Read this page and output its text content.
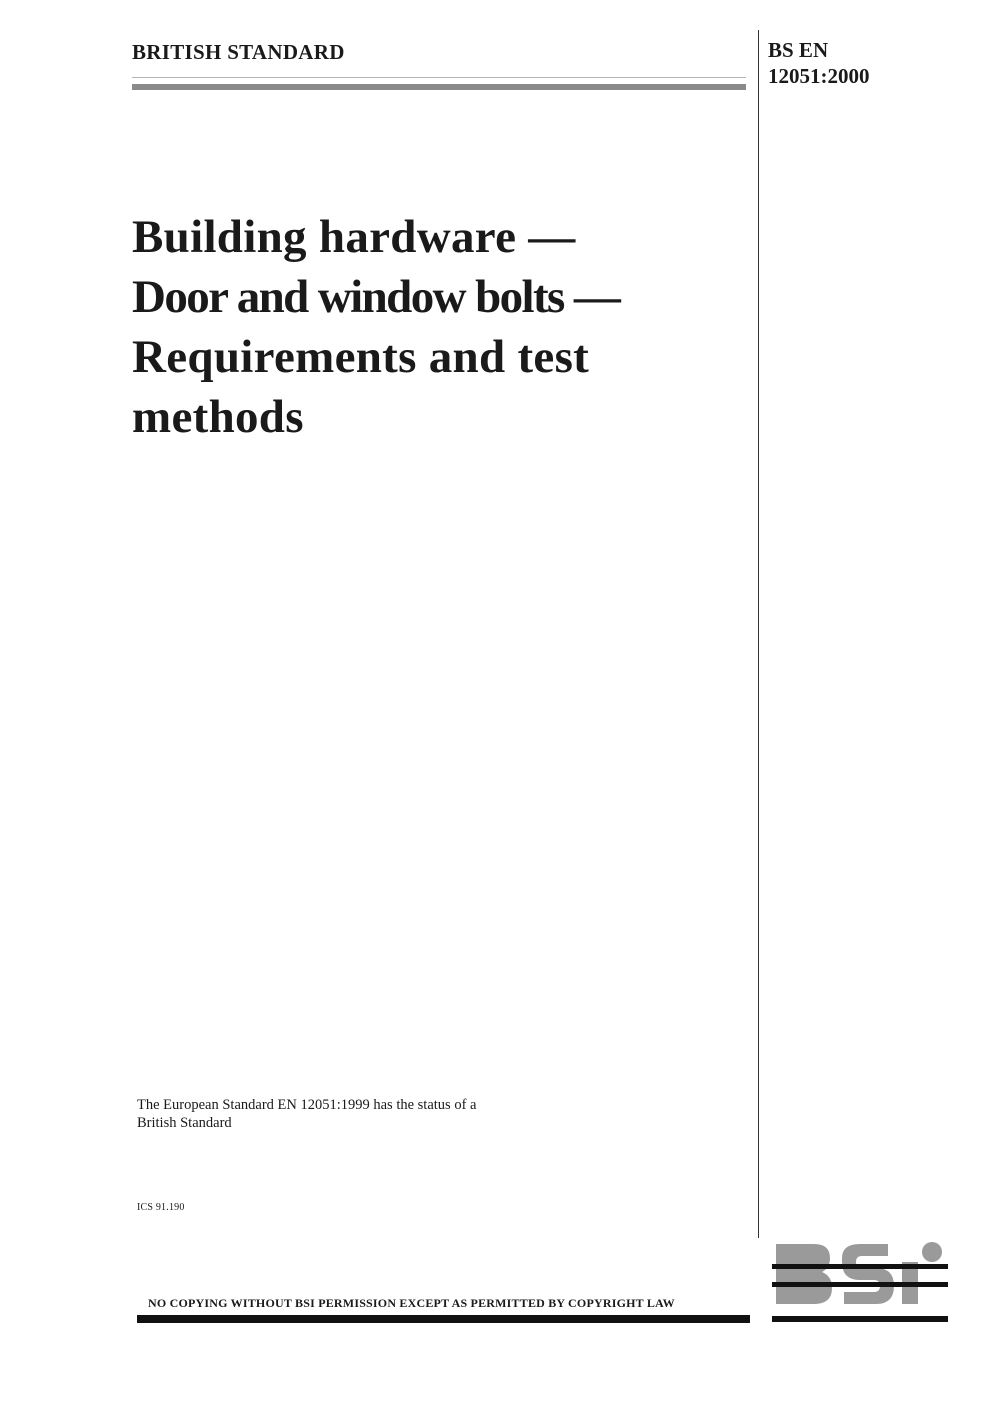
BRITISH STANDARD	BS EN
12051:2000
Building hardware —
Door and window bolts —
Requirements and test
methods
The European Standard EN 12051:1999 has the status of a
British Standard
ICS 91.190
NO COPYING WITHOUT BSI PERMISSION EXCEPT AS PERMITTED BY COPYRIGHT LAW
